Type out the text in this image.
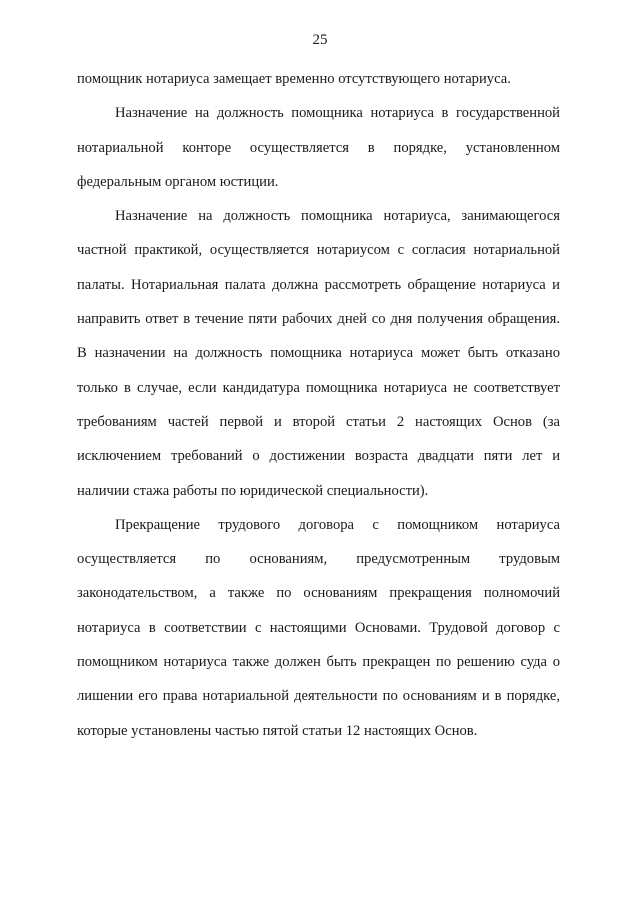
25
помощник нотариуса замещает временно отсутствующего нотариуса.
Назначение на должность помощника нотариуса в государственной
нотариальной конторе осуществляется в порядке, установленном
федеральным органом юстиции.
Назначение на должность помощника нотариуса, занимающегося
частной практикой, осуществляется нотариусом с согласия нотариальной
палаты. Нотариальная палата должна рассмотреть обращение нотариуса и
направить ответ в течение пяти рабочих дней со дня получения обращения.
В назначении на должность помощника нотариуса может быть отказано
только в случае, если кандидатура помощника нотариуса не соответствует
требованиям частей первой и второй статьи 2 настоящих Основ (за
исключением требований о достижении возраста двадцати пяти лет и
наличии стажа работы по юридической специальности).
Прекращение трудового договора с помощником нотариуса
осуществляется по основаниям, предусмотренным трудовым
законодательством, а также по основаниям прекращения полномочий
нотариуса в соответствии с настоящими Основами. Трудовой договор с
помощником нотариуса также должен быть прекращен по решению суда о
лишении его права нотариальной деятельности по основаниям и в порядке,
которые установлены частью пятой статьи 12 настоящих Основ.
